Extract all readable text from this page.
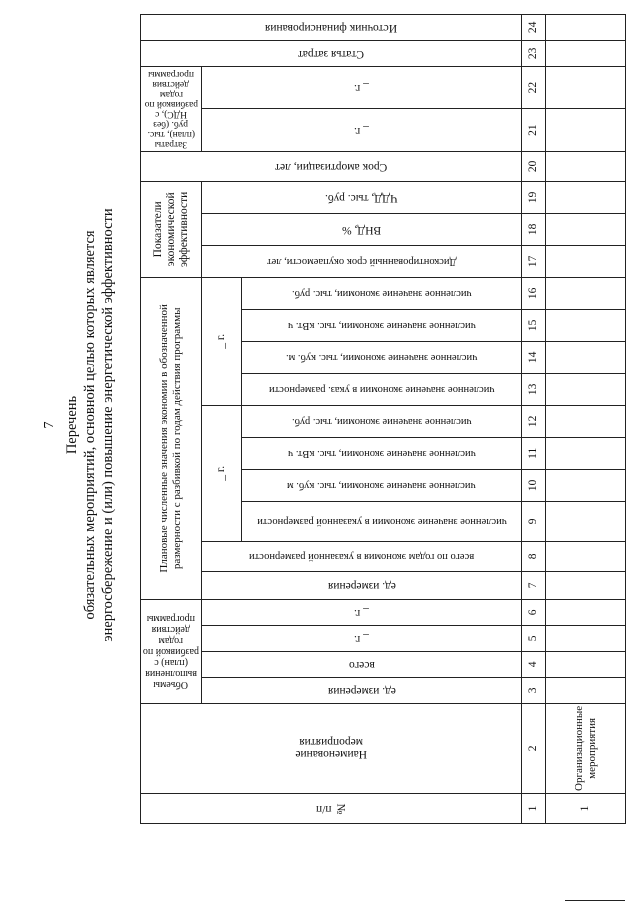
7 Перечень обязательных мероприятий, основной целью которых является энергосбережение и (или) повышение энергетической эффективности
№ п/п	Наименование мероприятия	Объемы выполнения (план) с разбивкой по годам действия программы				Плановые численные значения экономии в обозначенной размерности с разбивкой по годам действия программы										Показатели экономической эффективности			Срок амортизации, лет	Затраты (план), тыс. руб. (без НДС), с разбивкой по годам действия программы		Статья затрат	Источник финансирования

		ед. измерения	всего	_ г.	_ г.	ед. измерения	всего по годам экономия в указанной размерности	_ г.				_ г.				Дисконтированный срок окупаемости, лет	ВНД, %	ЧДД, тыс. руб.		_ г.	_ г.		

								численное значение экономии в указанной размерности	численное значение экономии, тыс. куб. м	численное значение экономии, тыс. кВт. ч	численное значение экономии, тыс. руб.	численное значение экономии в указ. размерности	численное значение экономии, тыс. куб. м.	численное значение экономии, тыс. кВт. ч	численное значение экономии, тыс. руб.								

1	2	3	4	5	6	7	8	9	10	11	12	13	14	15	16	17	18	19	20	21	22	23	24
1	Организационные мероприятия																						
